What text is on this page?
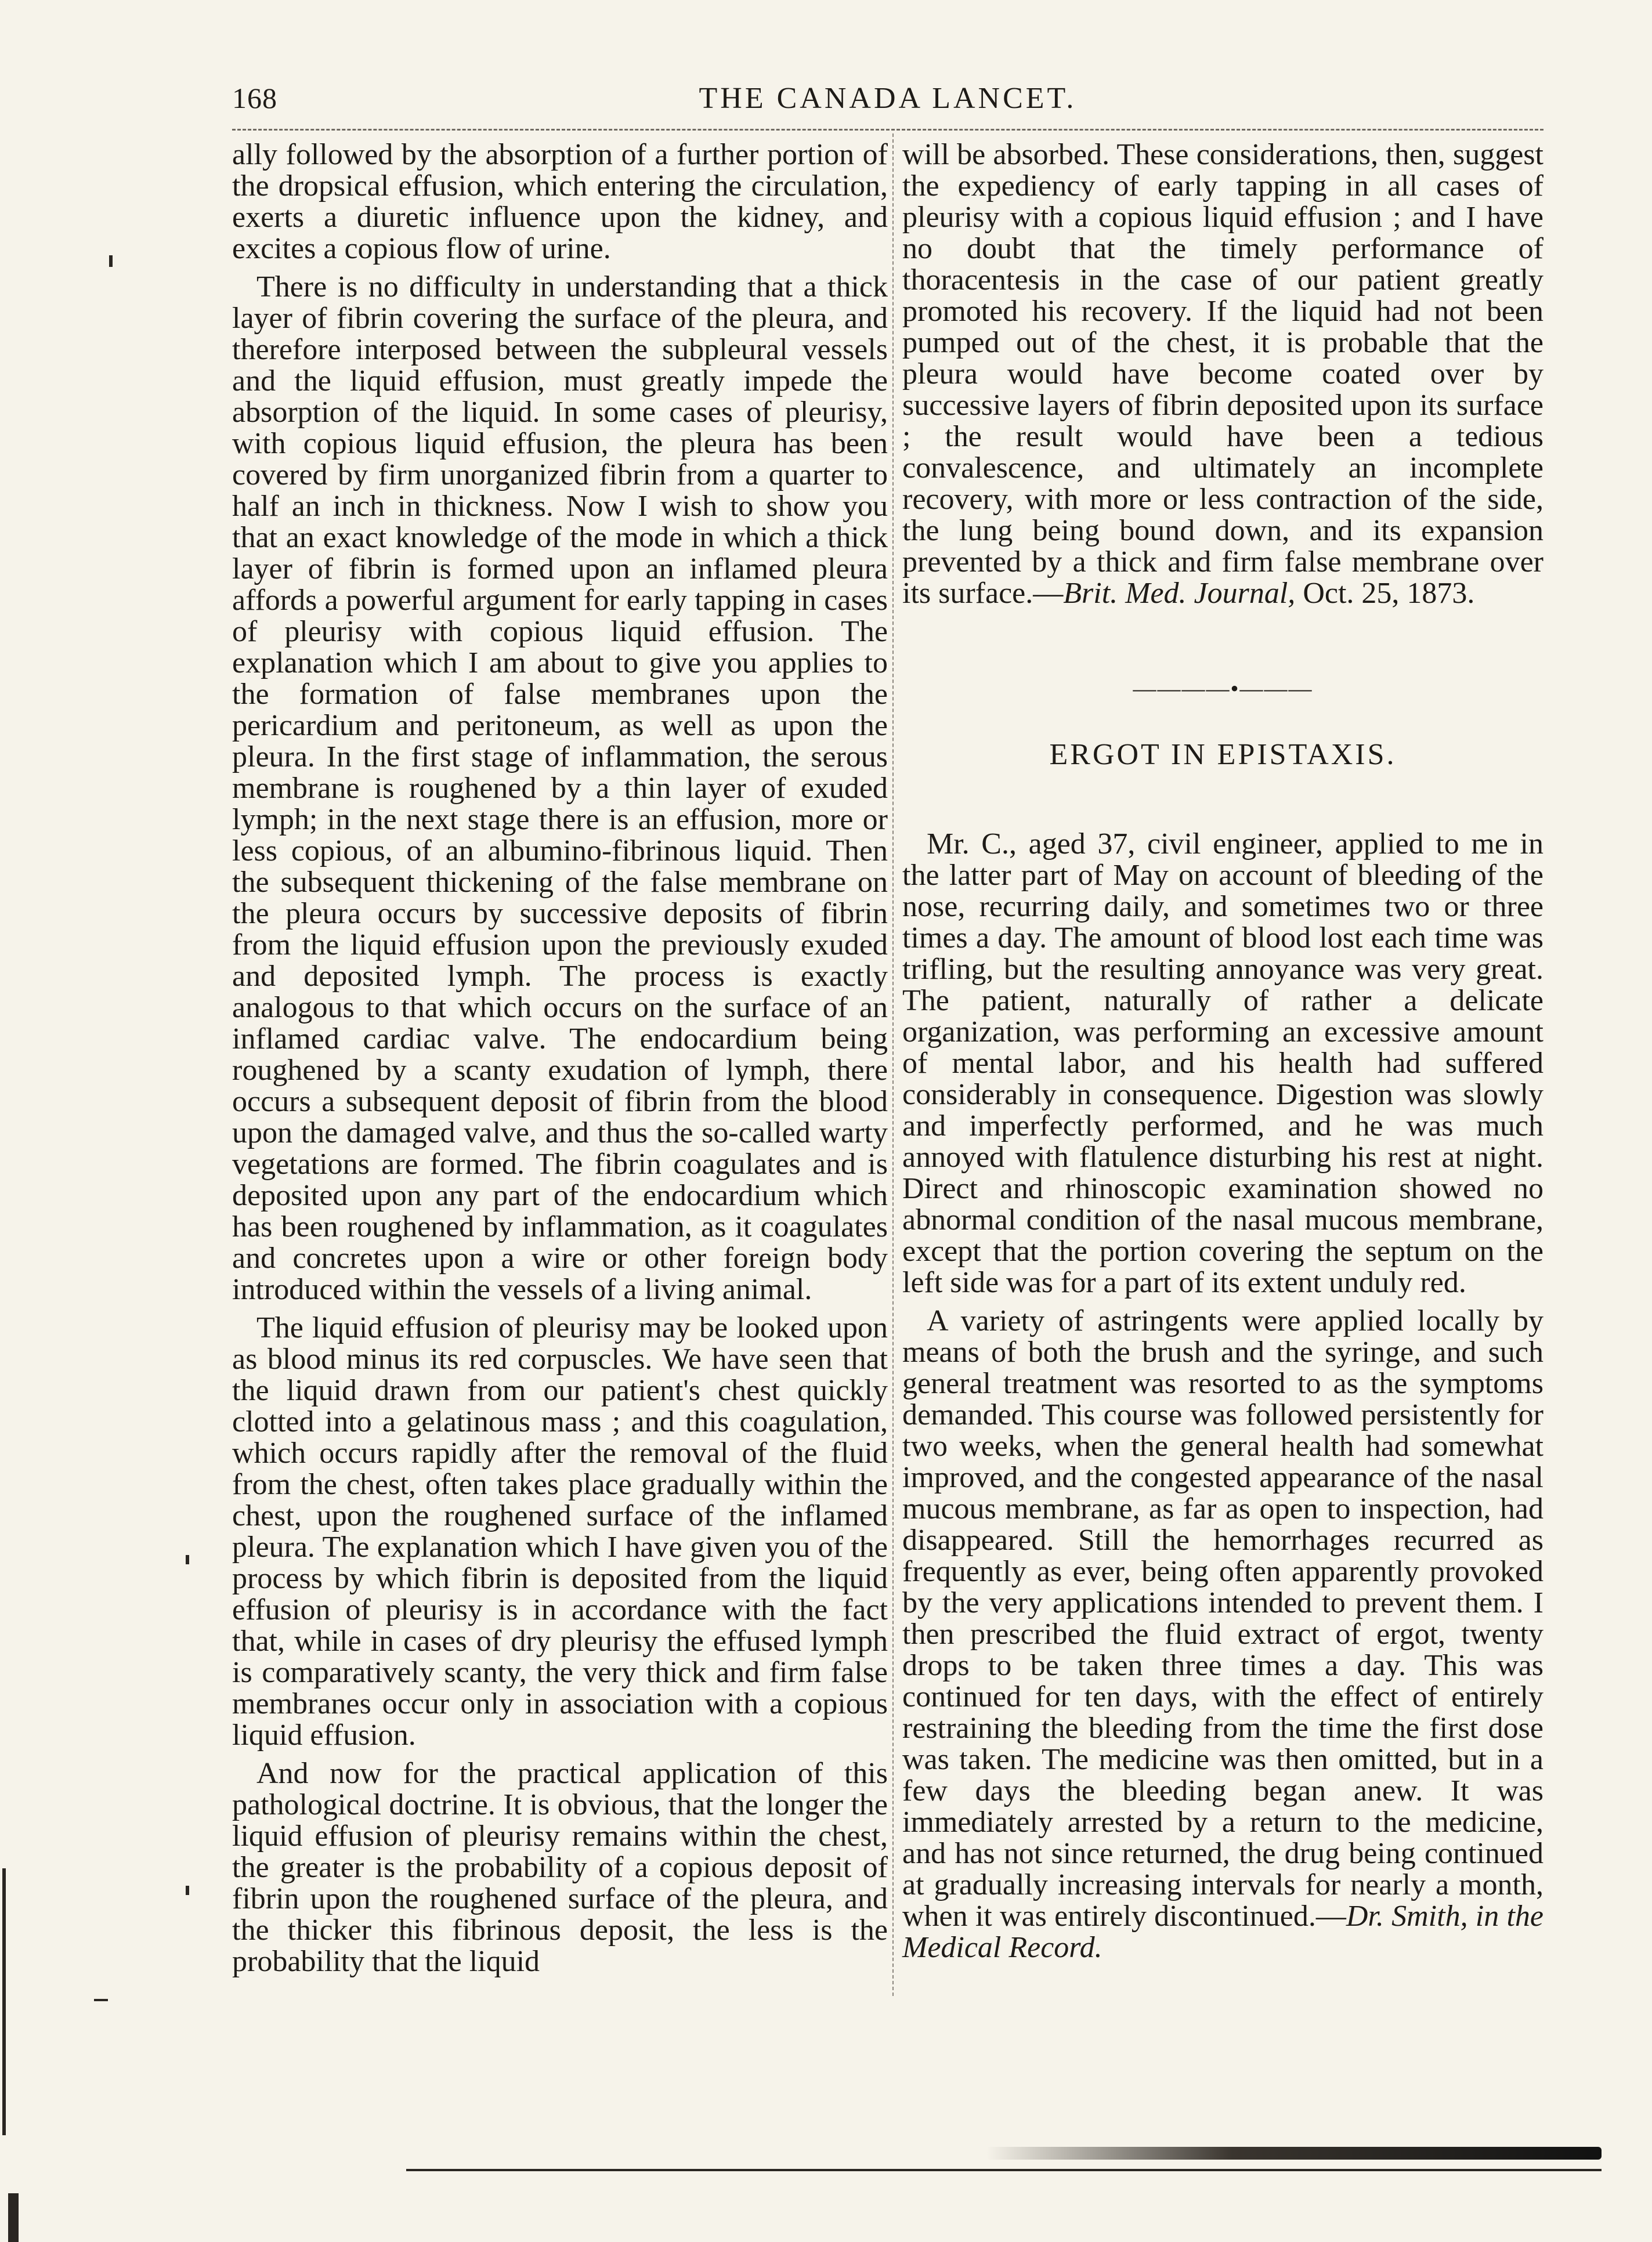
THE CANADA LANCET.
168

ally followed by the absorption of a further portion of the dropsical effusion, which entering the circulation, exerts a diuretic influence upon the kidney, and excites a copious flow of urine.

There is no difficulty in understanding that a thick layer of fibrin covering the surface of the pleura, and therefore interposed between the subpleural vessels and the liquid effusion, must greatly impede the absorption of the liquid. In some cases of pleurisy, with copious liquid effusion, the pleura has been covered by firm unorganized fibrin from a quarter to half an inch in thickness. Now I wish to show you that an exact knowledge of the mode in which a thick layer of fibrin is formed upon an inflamed pleura affords a powerful argument for early tapping in cases of pleurisy with copious liquid effusion. The explanation which I am about to give you applies to the formation of false membranes upon the pericardium and peritoneum, as well as upon the pleura. In the first stage of inflammation, the serous membrane is roughened by a thin layer of exuded lymph; in the next stage there is an effusion, more or less copious, of an albumino-fibrinous liquid. Then the subsequent thickening of the false membrane on the pleura occurs by successive deposits of fibrin from the liquid effusion upon the previously exuded and deposited lymph. The process is exactly analogous to that which occurs on the surface of an inflamed cardiac valve. The endocardium being roughened by a scanty exudation of lymph, there occurs a subsequent deposit of fibrin from the blood upon the damaged valve, and thus the so-called warty vegetations are formed. The fibrin coagulates and is deposited upon any part of the endocardium which has been roughened by inflammation, as it coagulates and concretes upon a wire or other foreign body introduced within the vessels of a living animal.

The liquid effusion of pleurisy may be looked upon as blood minus its red corpuscles. We have seen that the liquid drawn from our patient's chest quickly clotted into a gelatinous mass ; and this coagulation, which occurs rapidly after the removal of the fluid from the chest, often takes place gradually within the chest, upon the roughened surface of the inflamed pleura. The explanation which I have given you of the process by which fibrin is deposited from the liquid effusion of pleurisy is in accordance with the fact that, while in cases of dry pleurisy the effused lymph is comparatively scanty, the very thick and firm false membranes occur only in association with a copious liquid effusion.

And now for the practical application of this pathological doctrine. It is obvious, that the longer the liquid effusion of pleurisy remains within the chest, the greater is the probability of a copious deposit of fibrin upon the roughened surface of the pleura, and the thicker this fibrinous deposit, the less is the probability that the liquid

will be absorbed. These considerations, then, suggest the expediency of early tapping in all cases of pleurisy with a copious liquid effusion ; and I have no doubt that the timely performance of thoracentesis in the case of our patient greatly promoted his recovery. If the liquid had not been pumped out of the chest, it is probable that the pleura would have become coated over by successive layers of fibrin deposited upon its surface ; the result would have been a tedious convalescence, and ultimately an incomplete recovery, with more or less contraction of the side, the lung being bound down, and its expansion prevented by a thick and firm false membrane over its surface.—Brit. Med. Journal, Oct. 25, 1873.

————•———
ERGOT IN EPISTAXIS.

Mr. C., aged 37, civil engineer, applied to me in the latter part of May on account of bleeding of the nose, recurring daily, and sometimes two or three times a day. The amount of blood lost each time was trifling, but the resulting annoyance was very great. The patient, naturally of rather a delicate organization, was performing an excessive amount of mental labor, and his health had suffered considerably in consequence. Digestion was slowly and imperfectly performed, and he was much annoyed with flatulence disturbing his rest at night. Direct and rhinoscopic examination showed no abnormal condition of the nasal mucous membrane, except that the portion covering the septum on the left side was for a part of its extent unduly red.

A variety of astringents were applied locally by means of both the brush and the syringe, and such general treatment was resorted to as the symptoms demanded. This course was followed persistently for two weeks, when the general health had somewhat improved, and the congested appearance of the nasal mucous membrane, as far as open to inspection, had disappeared. Still the hemorrhages recurred as frequently as ever, being often apparently provoked by the very applications intended to prevent them. I then prescribed the fluid extract of ergot, twenty drops to be taken three times a day. This was continued for ten days, with the effect of entirely restraining the bleeding from the time the first dose was taken. The medicine was then omitted, but in a few days the bleeding began anew. It was immediately arrested by a return to the medicine, and has not since returned, the drug being continued at gradually increasing intervals for nearly a month, when it was entirely discontinued.—Dr. Smith, in the Medical Record.
